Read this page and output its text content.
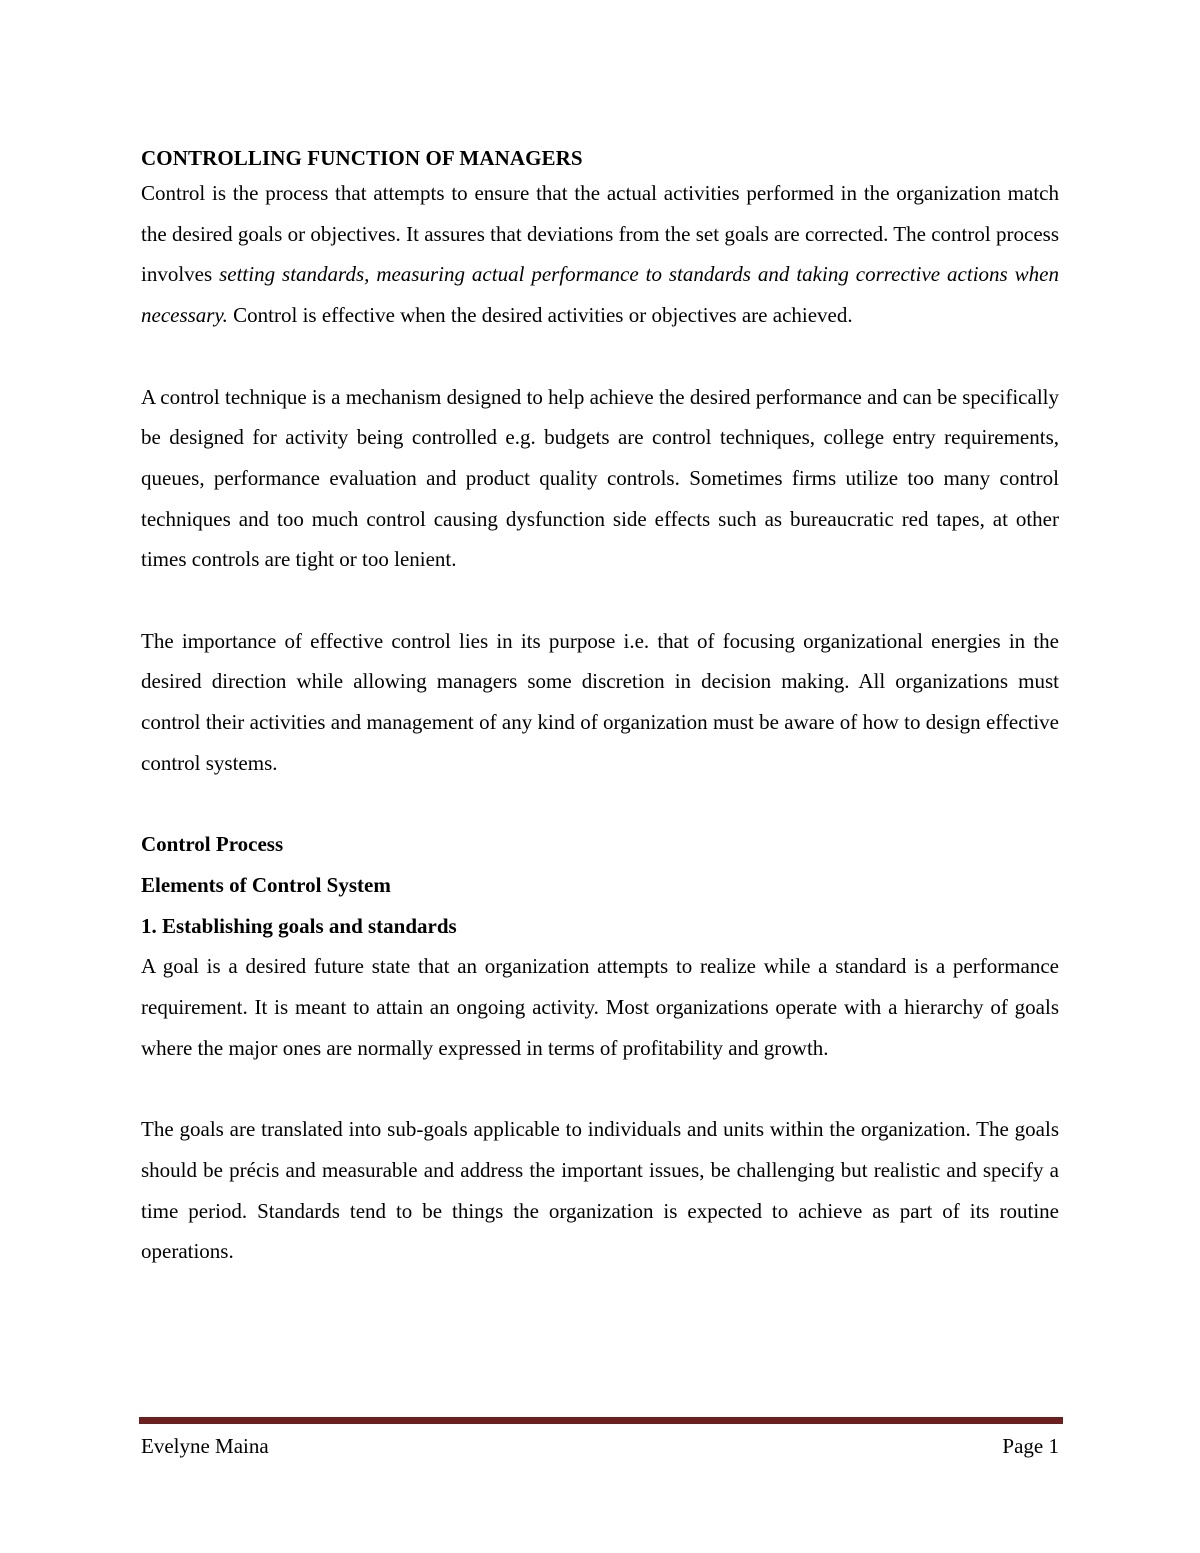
CONTROLLING FUNCTION OF MANAGERS

Control is the process that attempts to ensure that the actual activities performed in the organization match the desired goals or objectives. It assures that deviations from the set goals are corrected. The control process involves setting standards, measuring actual performance to standards and taking corrective actions when necessary. Control is effective when the desired activities or objectives are achieved.

A control technique is a mechanism designed to help achieve the desired performance and can be specifically be designed for activity being controlled e.g. budgets are control techniques, college entry requirements, queues, performance evaluation and product quality controls. Sometimes firms utilize too many control techniques and too much control causing dysfunction side effects such as bureaucratic red tapes, at other times controls are tight or too lenient.

The importance of effective control lies in its purpose i.e. that of focusing organizational energies in the desired direction while allowing managers some discretion in decision making. All organizations must control their activities and management of any kind of organization must be aware of how to design effective control systems.

Control Process

Elements of Control System

1. Establishing goals and standards

A goal is a desired future state that an organization attempts to realize while a standard is a performance requirement. It is meant to attain an ongoing activity. Most organizations operate with a hierarchy of goals where the major ones are normally expressed in terms of profitability and growth.

The goals are translated into sub-goals applicable to individuals and units within the organization. The goals should be précis and measurable and address the important issues, be challenging but realistic and specify a time period. Standards tend to be things the organization is expected to achieve as part of its routine operations.

Evelyne Maina	Page 1
